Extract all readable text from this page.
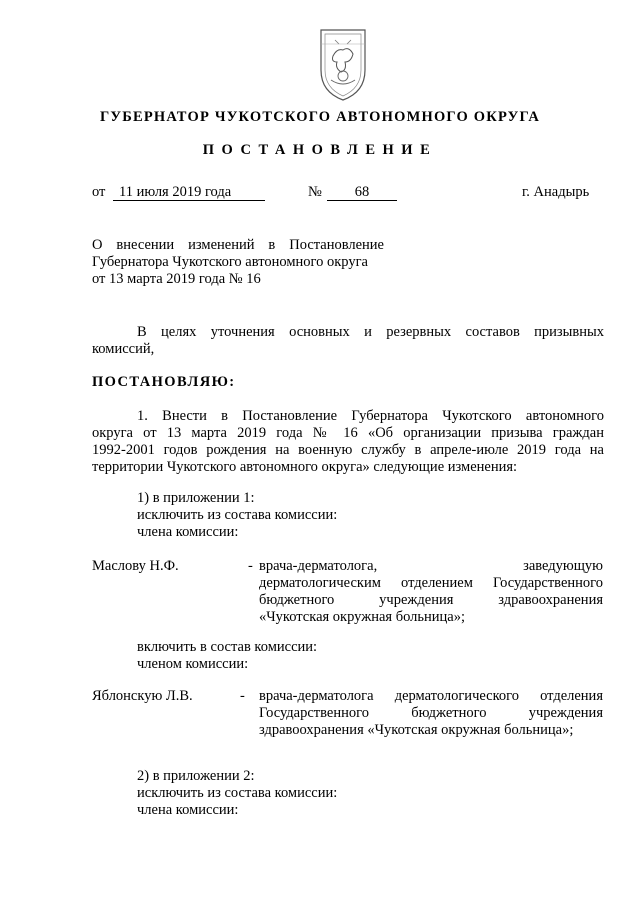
ГУБЕРНАТОР ЧУКОТСКОГО АВТОНОМНОГО ОКРУГА
ПОСТАНОВЛЕНИЕ
от 11 июля 2019 года	№	68	г. Анадырь
О внесении изменений в Постановление
Губернатора Чукотского автономного округа
от 13 марта 2019 года № 16
В целях уточнения основных и резервных составов призывных
комиссий,
ПОСТАНОВЛЯЮ:
1. Внести в Постановление Губернатора Чукотского автономного
округа от 13 марта 2019 года № 16 «Об организации призыва граждан
1992-2001 годов рождения на военную службу в апреле-июле 2019 года на
территории Чукотского автономного округа» следующие изменения:
1) в приложении 1:
исключить из состава комиссии:
члена комиссии:
Маслову Н.Ф.	- врача-дерматолога, заведующую
дерматологическим отделением Государственного
бюджетного учреждения здравоохранения
«Чукотская окружная больница»;
включить в состав комиссии:
членом комиссии:
Яблонскую Л.В.	- врача-дерматолога дерматологического отделения
Государственного бюджетного учреждения
здравоохранения «Чукотская окружная больница»;
2) в приложении 2:
исключить из состава комиссии:
члена комиссии:
